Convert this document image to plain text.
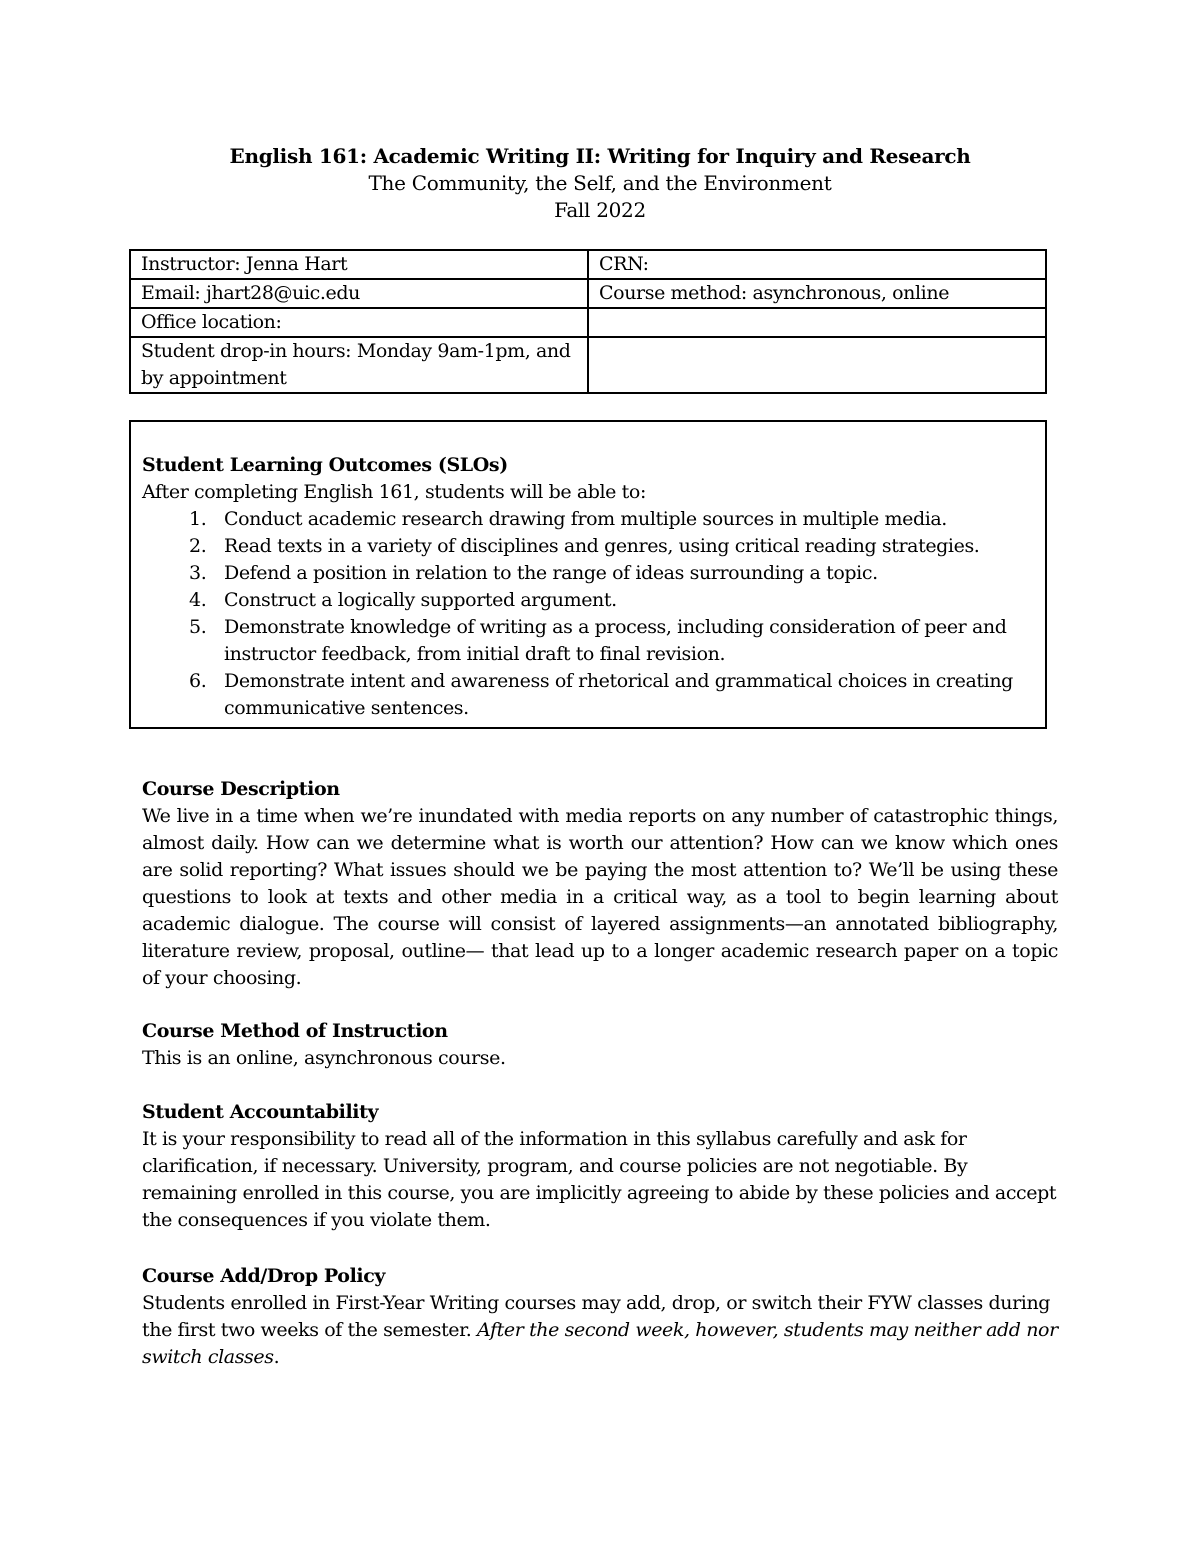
English 161: Academic Writing II: Writing for Inquiry and Research
The Community, the Self, and the Environment
Fall 2022
Instructor: Jenna Hart	CRN:
Email: jhart28@uic.edu	Course method: asynchronous, online
Office location:	
Student drop-in hours: Monday 9am-1pm, and by appointment	
Student Learning Outcomes (SLOs)
After completing English 161, students will be able to:
1. Conduct academic research drawing from multiple sources in multiple media.
2. Read texts in a variety of disciplines and genres, using critical reading strategies.
3. Defend a position in relation to the range of ideas surrounding a topic.
4. Construct a logically supported argument.
5. Demonstrate knowledge of writing as a process, including consideration of peer and instructor feedback, from initial draft to final revision.
6. Demonstrate intent and awareness of rhetorical and grammatical choices in creating communicative sentences.
Course Description
We live in a time when we’re inundated with media reports on any number of catastrophic things, almost daily. How can we determine what is worth our attention? How can we know which ones are solid reporting? What issues should we be paying the most attention to? We’ll be using these questions to look at texts and other media in a critical way, as a tool to begin learning about academic dialogue. The course will consist of layered assignments—an annotated bibliography, literature review, proposal, outline— that lead up to a longer academic research paper on a topic of your choosing.
Course Method of Instruction
This is an online, asynchronous course.
Student Accountability
It is your responsibility to read all of the information in this syllabus carefully and ask for clarification, if necessary. University, program, and course policies are not negotiable. By remaining enrolled in this course, you are implicitly agreeing to abide by these policies and accept the consequences if you violate them.
Course Add/Drop Policy
Students enrolled in First-Year Writing courses may add, drop, or switch their FYW classes during the first two weeks of the semester. After the second week, however, students may neither add nor switch classes.
